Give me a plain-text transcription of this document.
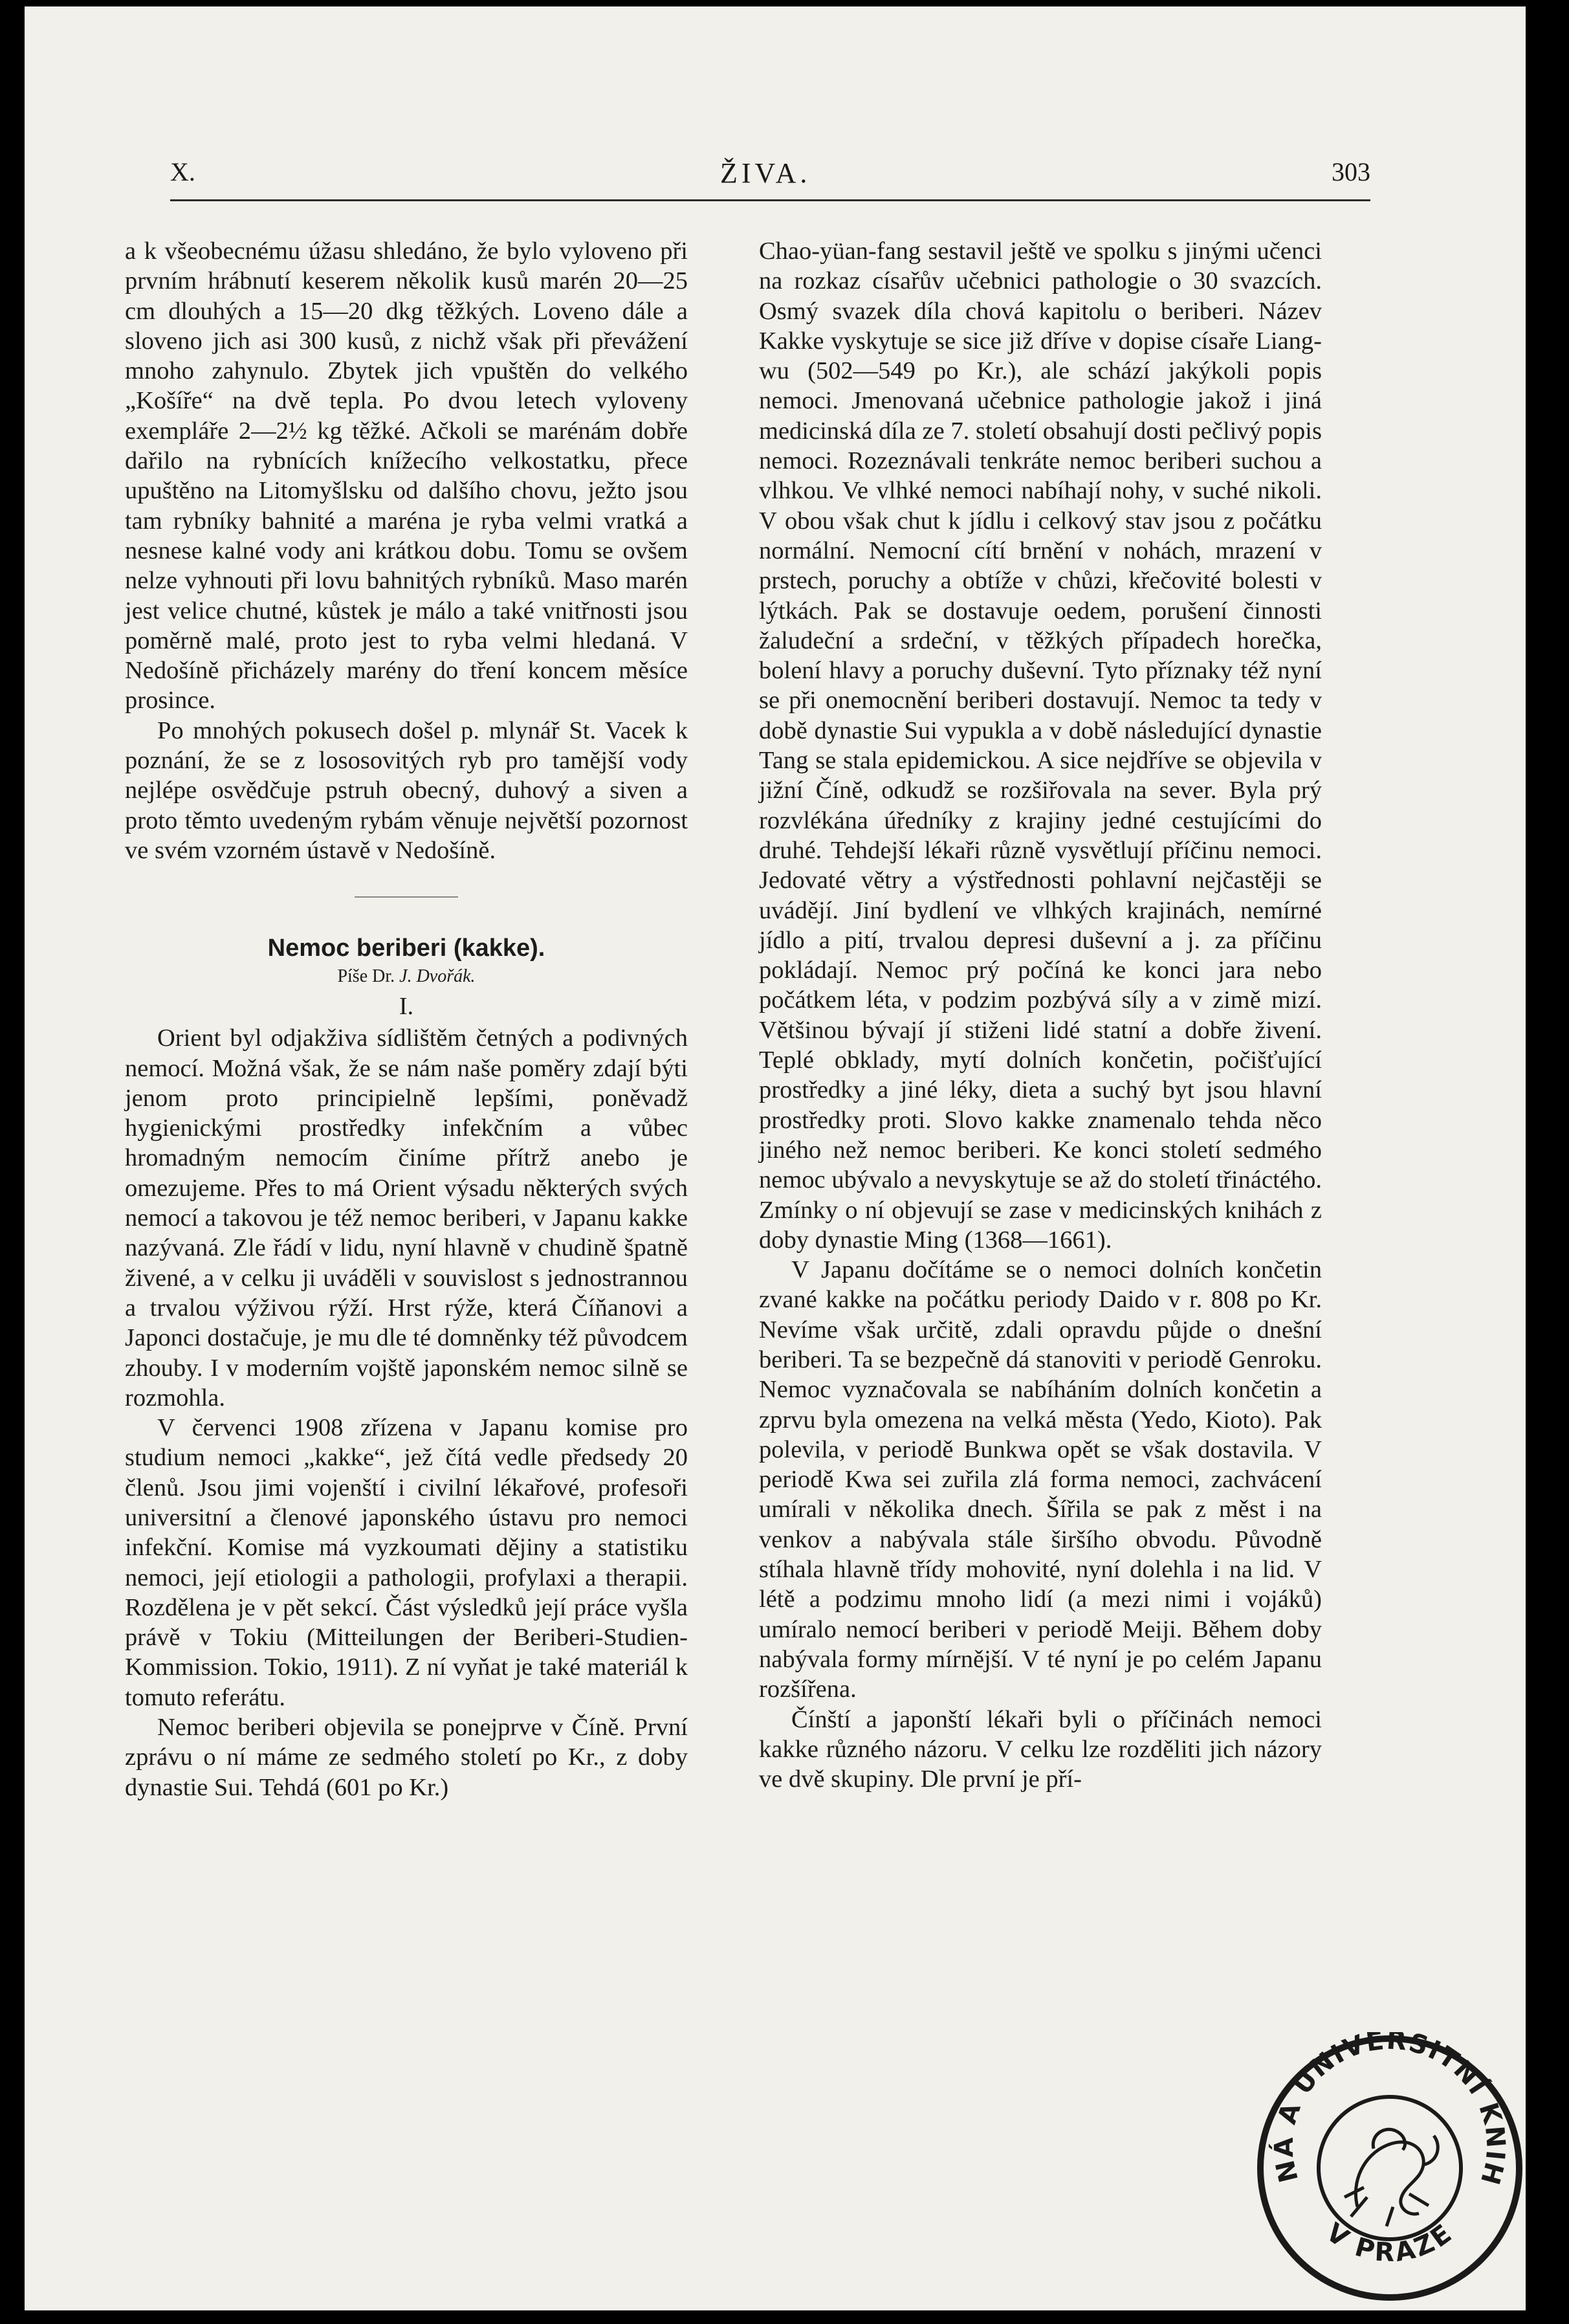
X.	ŽIVA.	303

a k všeobecnému úžasu shledáno, že bylo vyloveno při prvním hrábnutí keserem několik kusů marén 20—25 cm dlouhých a 15—20 dkg těžkých. Loveno dále a sloveno jich asi 300 kusů, z nichž však při převážení mnoho zahynulo. Zbytek jich vpuštěn do velkého „Košíře“ na dvě tepla. Po dvou letech vyloveny exempláře 2—2½ kg těžké. Ačkoli se marénám dobře dařilo na rybnících knížecího velkostatku, přece upuštěno na Litomyšlsku od dalšího chovu, ježto jsou tam rybníky bahnité a maréna je ryba velmi vratká a nesnese kalné vody ani krátkou dobu. Tomu se ovšem nelze vyhnouti při lovu bahnitých rybníků. Maso marén jest velice chutné, kůstek je málo a také vnitřnosti jsou poměrně malé, proto jest to ryba velmi hledaná. V Nedošíně přicházely marény do tření koncem měsíce prosince.

Po mnohých pokusech došel p. mlynář St. Vacek k poznání, že se z lososovitých ryb pro tamější vody nejlépe osvědčuje pstruh obecný, duhový a siven a proto těmto uvedeným rybám věnuje největší pozornost ve svém vzorném ústavě v Nedošíně.

Nemoc beriberi (kakke).

Píše Dr. J. Dvořák.

I.

Orient byl odjakživa sídlištěm četných a podivných nemocí. Možná však, že se nám naše poměry zdají býti jenom proto principielně lepšími, poněvadž hygienickými prostředky infekčním a vůbec hromadným nemocím činíme přítrž anebo je omezujeme. Přes to má Orient výsadu některých svých nemocí a takovou je též nemoc beriberi, v Japanu kakke nazývaná. Zle řádí v lidu, nyní hlavně v chudině špatně živené, a v celku ji uváděli v souvislost s jednostrannou a trvalou výživou rýží. Hrst rýže, která Číňanovi a Japonci dostačuje, je mu dle té domněnky též původcem zhouby. I v moderním vojště japonském nemoc silně se rozmohla.

V červenci 1908 zřízena v Japanu komise pro studium nemoci „kakke“, jež čítá vedle předsedy 20 členů. Jsou jimi vojenští i civilní lékařové, profesoři universitní a členové japonského ústavu pro nemoci infekční. Komise má vyzkoumati dějiny a statistiku nemoci, její etiologii a pathologii, profylaxi a therapii. Rozdělena je v pět sekcí. Část výsledků její práce vyšla právě v Tokiu (Mitteilungen der Beriberi-Studien-Kommission. Tokio, 1911). Z ní vyňat je také materiál k tomuto referátu.

Nemoc beriberi objevila se ponejprve v Číně. První zprávu o ní máme ze sedmého století po Kr., z doby dynastie Sui. Tehdá (601 po Kr.)

Chao-yüan-fang sestavil ještě ve spolku s jinými učenci na rozkaz císařův učebnici pathologie o 30 svazcích. Osmý svazek díla chová kapitolu o beriberi. Název Kakke vyskytuje se sice již dříve v dopise císaře Liang-wu (502—549 po Kr.), ale schází jakýkoli popis nemoci. Jmenovaná učebnice pathologie jakož i jiná medicinská díla ze 7. století obsahují dosti pečlivý popis nemoci. Rozeznávali tenkráte nemoc beriberi suchou a vlhkou. Ve vlhké nemoci nabíhají nohy, v suché nikoli. V obou však chut k jídlu i celkový stav jsou z počátku normální. Nemocní cítí brnění v nohách, mrazení v prstech, poruchy a obtíže v chůzi, křečovité bolesti v lýtkách. Pak se dostavuje oedem, porušení činnosti žaludeční a srdeční, v těžkých případech horečka, bolení hlavy a poruchy duševní. Tyto příznaky též nyní se při onemocnění beriberi dostavují. Nemoc ta tedy v době dynastie Sui vypukla a v době následující dynastie Tang se stala epidemickou. A sice nejdříve se objevila v jižní Číně, odkudž se rozšiřovala na sever. Byla prý rozvlékána úředníky z krajiny jedné cestujícími do druhé. Tehdejší lékaři různě vysvětlují příčinu nemoci. Jedovaté větry a výstřednosti pohlavní nejčastěji se uvádějí. Jiní bydlení ve vlhkých krajinách, nemírné jídlo a pití, trvalou depresi duševní a j. za příčinu pokládají. Nemoc prý počíná ke konci jara nebo počátkem léta, v podzim pozbývá síly a v zimě mizí. Většinou bývají jí stiženi lidé statní a dobře živení. Teplé obklady, mytí dolních končetin, počišťující prostředky a jiné léky, dieta a suchý byt jsou hlavní prostředky proti. Slovo kakke znamenalo tehda něco jiného než nemoc beriberi. Ke konci století sedmého nemoc ubývalo a nevyskytuje se až do století třináctého. Zmínky o ní objevují se zase v medicinských knihách z doby dynastie Ming (1368—1661).

V Japanu dočítáme se o nemoci dolních končetin zvané kakke na počátku periody Daido v r. 808 po Kr. Nevíme však určitě, zdali opravdu půjde o dnešní beriberi. Ta se bezpečně dá stanoviti v periodě Genroku. Nemoc vyznačovala se nabíháním dolních končetin a zprvu byla omezena na velká města (Yedo, Kioto). Pak polevila, v periodě Bunkwa opět se však dostavila. V periodě Kwa sei zuřila zlá forma nemoci, zachvácení umírali v několika dnech. Šířila se pak z měst i na venkov a nabývala stále širšího obvodu. Původně stíhala hlavně třídy mohovité, nyní dolehla i na lid. V létě a podzimu mnoho lidí (a mezi nimi i vojáků) umíralo nemocí beriberi v periodě Meiji. Během doby nabývala formy mírnější. V té nyní je po celém Japanu rozšířena.

Čínští a japonští lékaři byli o příčinách nemoci kakke různého názoru. V celku lze rozděliti jich názory ve dvě skupiny. Dle první je pří-

NÁ A UNIVERSITNÍ KNIH
V PRAZE
